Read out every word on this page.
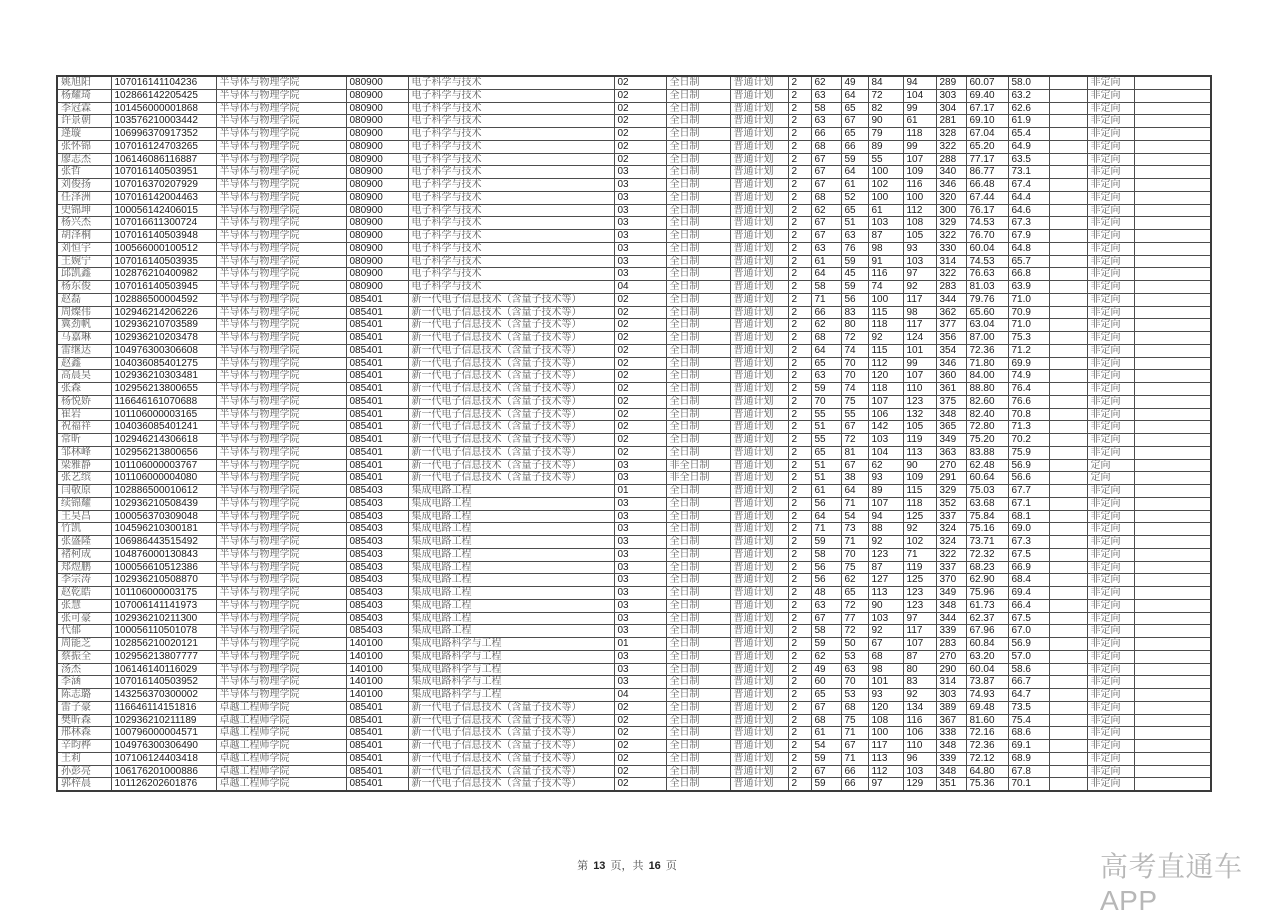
姚旭阳	107016141104236	半导体与物理学院	080900	电子科学与技术	02	全日制	普通计划	2	62	49	84	94	289	60.07	58.0		非定向	
杨耀琦	102866142205425	半导体与物理学院	080900	电子科学与技术	02	全日制	普通计划	2	63	64	72	104	303	69.40	63.2		非定向	
李冠霖	101456000001868	半导体与物理学院	080900	电子科学与技术	02	全日制	普通计划	2	58	65	82	99	304	67.17	62.6		非定向	
许景朝	103576210003442	半导体与物理学院	080900	电子科学与技术	02	全日制	普通计划	2	63	67	90	61	281	69.10	61.9		非定向	
逄璇	106996370917352	半导体与物理学院	080900	电子科学与技术	02	全日制	普通计划	2	66	65	79	118	328	67.04	65.4		非定向	
张怀锦	107016124703265	半导体与物理学院	080900	电子科学与技术	02	全日制	普通计划	2	68	66	89	99	322	65.20	64.9		非定向	
廖志杰	106146086116887	半导体与物理学院	080900	电子科学与技术	02	全日制	普通计划	2	67	59	55	107	288	77.17	63.5		非定向	
张哲	107016140503951	半导体与物理学院	080900	电子科学与技术	03	全日制	普通计划	2	67	64	100	109	340	86.77	73.1		非定向	
刘俊扬	107016370207929	半导体与物理学院	080900	电子科学与技术	03	全日制	普通计划	2	67	61	102	116	346	66.48	67.4		非定向	
任泽洲	107016142004463	半导体与物理学院	080900	电子科学与技术	03	全日制	普通计划	2	68	52	100	100	320	67.44	64.4		非定向	
史锦坤	100056142406015	半导体与物理学院	080900	电子科学与技术	03	全日制	普通计划	2	62	65	61	112	300	76.17	64.6		非定向	
杨兴杰	107016611300724	半导体与物理学院	080900	电子科学与技术	03	全日制	普通计划	2	67	51	103	108	329	74.53	67.3		非定向	
胡泽桐	107016140503948	半导体与物理学院	080900	电子科学与技术	03	全日制	普通计划	2	67	63	87	105	322	76.70	67.9		非定向	
刘恒宇	100566000100512	半导体与物理学院	080900	电子科学与技术	03	全日制	普通计划	2	63	76	98	93	330	60.04	64.8		非定向	
王婉宁	107016140503935	半导体与物理学院	080900	电子科学与技术	03	全日制	普通计划	2	61	59	91	103	314	74.53	65.7		非定向	
邱凯鑫	102876210400982	半导体与物理学院	080900	电子科学与技术	03	全日制	普通计划	2	64	45	116	97	322	76.63	66.8		非定向	
杨东俊	107016140503945	半导体与物理学院	080900	电子科学与技术	04	全日制	普通计划	2	58	59	74	92	283	81.03	63.9		非定向	
赵磊	102886500004592	半导体与物理学院	085401	新一代电子信息技术（含量子技术等）	02	全日制	普通计划	2	71	56	100	117	344	79.76	71.0		非定向	
周燦伟	102946214206226	半导体与物理学院	085401	新一代电子信息技术（含量子技术等）	02	全日制	普通计划	2	66	83	115	98	362	65.60	70.9		非定向	
冀劲帆	102936210703589	半导体与物理学院	085401	新一代电子信息技术（含量子技术等）	02	全日制	普通计划	2	62	80	118	117	377	63.04	71.0		非定向	
马嘉琳	102936210203478	半导体与物理学院	085401	新一代电子信息技术（含量子技术等）	02	全日制	普通计划	2	68	72	92	124	356	87.00	75.3		非定向	
雷继达	104976300306608	半导体与物理学院	085401	新一代电子信息技术（含量子技术等）	02	全日制	普通计划	2	64	74	115	101	354	72.36	71.2		非定向	
赵鑫	104036085401275	半导体与物理学院	085401	新一代电子信息技术（含量子技术等）	02	全日制	普通计划	2	65	70	112	99	346	71.80	69.9		非定向	
高晨昊	102936210303481	半导体与物理学院	085401	新一代电子信息技术（含量子技术等）	02	全日制	普通计划	2	63	70	120	107	360	84.00	74.9		非定向	
张森	102956213800655	半导体与物理学院	085401	新一代电子信息技术（含量子技术等）	02	全日制	普通计划	2	59	74	118	110	361	88.80	76.4		非定向	
杨悦娇	116646161070688	半导体与物理学院	085401	新一代电子信息技术（含量子技术等）	02	全日制	普通计划	2	70	75	107	123	375	82.60	76.6		非定向	
崔岩	101106000003165	半导体与物理学院	085401	新一代电子信息技术（含量子技术等）	02	全日制	普通计划	2	55	55	106	132	348	82.40	70.8		非定向	
祝福祥	104036085401241	半导体与物理学院	085401	新一代电子信息技术（含量子技术等）	02	全日制	普通计划	2	51	67	142	105	365	72.80	71.3		非定向	
常昕	102946214306618	半导体与物理学院	085401	新一代电子信息技术（含量子技术等）	02	全日制	普通计划	2	55	72	103	119	349	75.20	70.2		非定向	
邹林峰	102956213800656	半导体与物理学院	085401	新一代电子信息技术（含量子技术等）	02	全日制	普通计划	2	65	81	104	113	363	83.88	75.9		非定向	
梁雅静	101106000003767	半导体与物理学院	085401	新一代电子信息技术（含量子技术等）	03	非全日制	普通计划	2	51	67	62	90	270	62.48	56.9		定向	
张艺缤	101106000004080	半导体与物理学院	085401	新一代电子信息技术（含量子技术等）	03	非全日制	普通计划	2	51	38	93	109	291	60.64	56.6		定向	
闫敬原	102886500010612	半导体与物理学院	085403	集成电路工程	01	全日制	普通计划	2	61	64	89	115	329	75.03	67.7		非定向	
续锦耀	102936210508439	半导体与物理学院	085403	集成电路工程	03	全日制	普通计划	2	56	71	107	118	352	63.68	67.1		非定向	
王昊昌	100056370309048	半导体与物理学院	085403	集成电路工程	03	全日制	普通计划	2	64	54	94	125	337	75.84	68.1		非定向	
竹凯	104596210300181	半导体与物理学院	085403	集成电路工程	03	全日制	普通计划	2	71	73	88	92	324	75.16	69.0		非定向	
张盛隆	106986443515492	半导体与物理学院	085403	集成电路工程	03	全日制	普通计划	2	59	71	92	102	324	73.71	67.3		非定向	
褚柯成	104876000130843	半导体与物理学院	085403	集成电路工程	03	全日制	普通计划	2	58	70	123	71	322	72.32	67.5		非定向	
郑煜鹏	100056610512386	半导体与物理学院	085403	集成电路工程	03	全日制	普通计划	2	56	75	87	119	337	68.23	66.9		非定向	
李宗涛	102936210508870	半导体与物理学院	085403	集成电路工程	03	全日制	普通计划	2	56	62	127	125	370	62.90	68.4		非定向	
赵乾皓	101106000003175	半导体与物理学院	085403	集成电路工程	03	全日制	普通计划	2	48	65	113	123	349	75.96	69.4		非定向	
张慧	107006141141973	半导体与物理学院	085403	集成电路工程	03	全日制	普通计划	2	63	72	90	123	348	61.73	66.4		非定向	
张可豪	102936210211300	半导体与物理学院	085403	集成电路工程	03	全日制	普通计划	2	67	77	103	97	344	62.37	67.5		非定向	
代郁	100056110501078	半导体与物理学院	085403	集成电路工程	03	全日制	普通计划	2	58	72	92	117	339	67.96	67.0		非定向	
周能芝	102856210020121	半导体与物理学院	140100	集成电路科学与工程	01	全日制	普通计划	2	59	50	67	107	283	60.84	56.9		非定向	
蔡振全	102956213807777	半导体与物理学院	140100	集成电路科学与工程	03	全日制	普通计划	2	62	53	68	87	270	63.20	57.0		非定向	
汤杰	106146140116029	半导体与物理学院	140100	集成电路科学与工程	03	全日制	普通计划	2	49	63	98	80	290	60.04	58.6		非定向	
李涵	107016140503952	半导体与物理学院	140100	集成电路科学与工程	03	全日制	普通计划	2	60	70	101	83	314	73.87	66.7		非定向	
陈志璐	143256370300002	半导体与物理学院	140100	集成电路科学与工程	04	全日制	普通计划	2	65	53	93	92	303	74.93	64.7		非定向	
雷子豪	116646114151816	卓越工程师学院	085401	新一代电子信息技术（含量子技术等）	02	全日制	普通计划	2	67	68	120	134	389	69.48	73.5		非定向	
樊昕森	102936210211189	卓越工程师学院	085401	新一代电子信息技术（含量子技术等）	02	全日制	普通计划	2	68	75	108	116	367	81.60	75.4		非定向	
邢林森	100796000004571	卓越工程师学院	085401	新一代电子信息技术（含量子技术等）	02	全日制	普通计划	2	61	71	100	106	338	72.16	68.6		非定向	
辛昀桦	104976300306490	卓越工程师学院	085401	新一代电子信息技术（含量子技术等）	02	全日制	普通计划	2	54	67	117	110	348	72.36	69.1		非定向	
王莉	107106124403418	卓越工程师学院	085401	新一代电子信息技术（含量子技术等）	02	全日制	普通计划	2	59	71	113	96	339	72.12	68.9		非定向	
孙彭亮	106176201000886	卓越工程师学院	085401	新一代电子信息技术（含量子技术等）	02	全日制	普通计划	2	67	66	112	103	348	64.80	67.8		非定向	
郭梓晨	101126202601876	卓越工程师学院	085401	新一代电子信息技术（含量子技术等）	02	全日制	普通计划	2	59	66	97	129	351	75.36	70.1		非定向	
第 13 页，共 16 页	高考直通车APP
